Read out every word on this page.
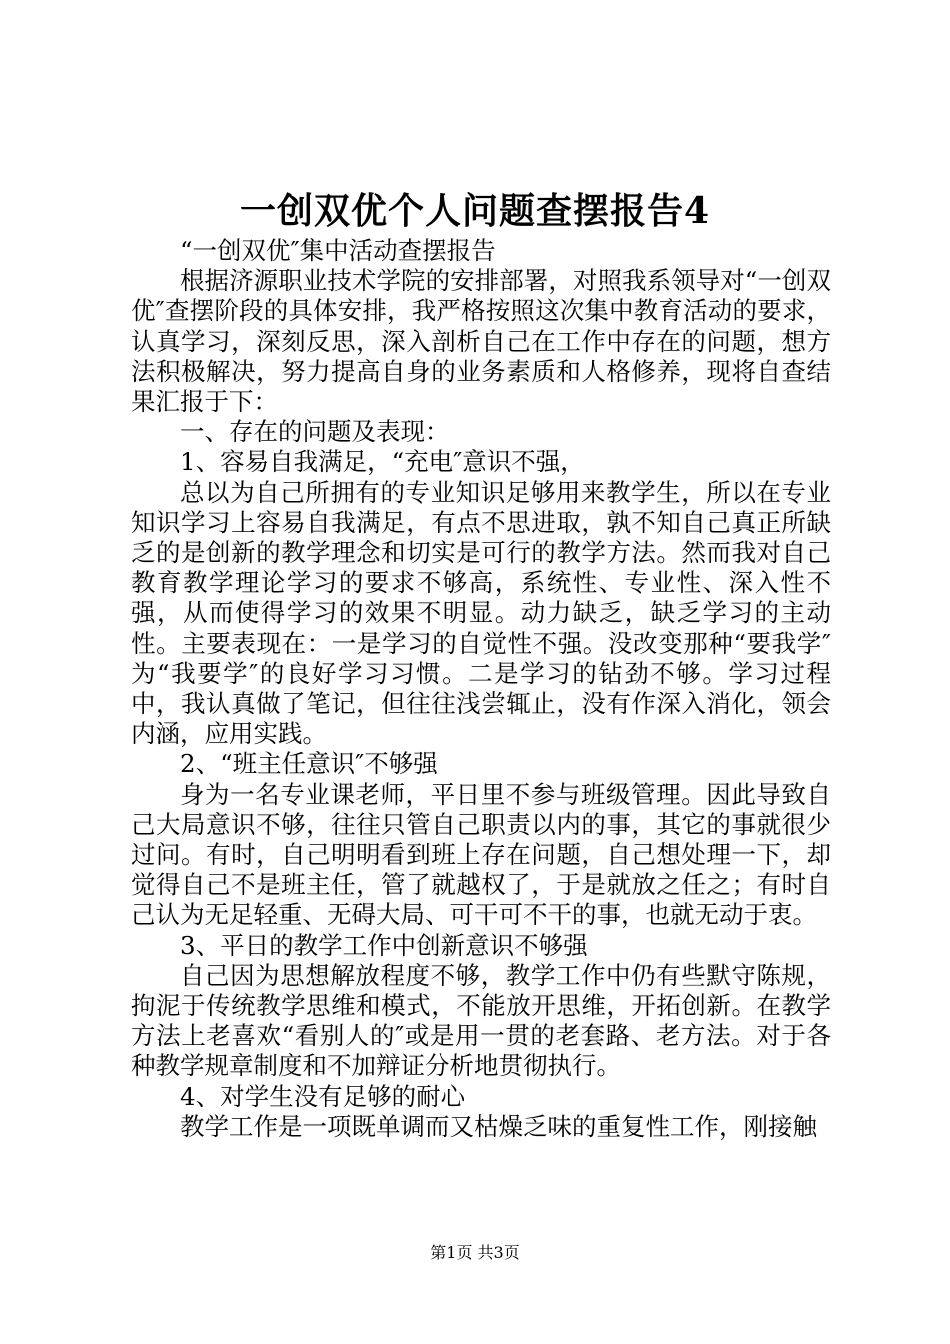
一创双优个人问题查摆报告4

“一创双优″集中活动查摆报告

根据济源职业技术学院的安排部署，对照我系领导对“一创双优″查摆阶段的具体安排，我严格按照这次集中教育活动的要求，认真学习，深刻反思，深入剖析自己在工作中存在的问题，想方法积极解决，努力提高自身的业务素质和人格修养，现将自查结果汇报于下：

一、存在的问题及表现：

1、容易自我满足，“充电″意识不强，

总以为自己所拥有的专业知识足够用来教学生，所以在专业知识学习上容易自我满足，有点不思进取，孰不知自己真正所缺乏的是创新的教学理念和切实是可行的教学方法。然而我对自己教育教学理论学习的要求不够高，系统性、专业性、深入性不强，从而使得学习的效果不明显。动力缺乏，缺乏学习的主动性。主要表现在：一是学习的自觉性不强。没改变那种“要我学″为“我要学″的良好学习习惯。二是学习的钻劲不够。学习过程中，我认真做了笔记，但往往浅尝辄止，没有作深入消化，领会内涵，应用实践。

2、“班主任意识″不够强

身为一名专业课老师，平日里不参与班级管理。因此导致自己大局意识不够，往往只管自己职责以内的事，其它的事就很少过问。有时，自己明明看到班上存在问题，自己想处理一下，却觉得自己不是班主任，管了就越权了，于是就放之任之；有时自己认为无足轻重、无碍大局、可干可不干的事，也就无动于衷。

3、平日的教学工作中创新意识不够强

自己因为思想解放程度不够，教学工作中仍有些默守陈规，拘泥于传统教学思维和模式，不能放开思维，开拓创新。在教学方法上老喜欢“看别人的″或是用一贯的老套路、老方法。对于各种教学规章制度和不加辩证分析地贯彻执行。

4、对学生没有足够的耐心

教学工作是一项既单调而又枯燥乏味的重复性工作，刚接触

第1页 共3页
